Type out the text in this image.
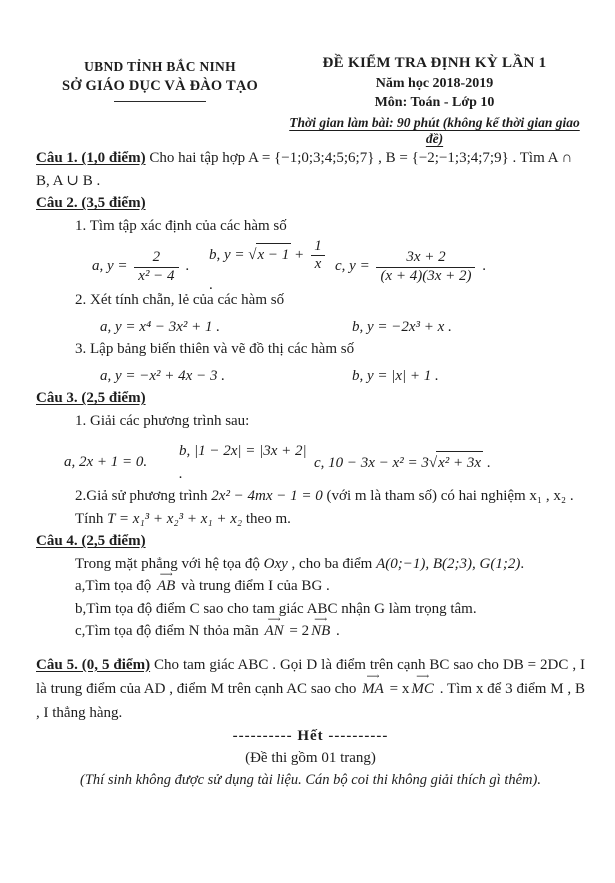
UBND TỈNH BẮC NINH
SỞ GIÁO DỤC VÀ ĐÀO TẠO
ĐỀ KIỂM TRA ĐỊNH KỲ LẦN 1
Năm học 2018-2019
Môn: Toán - Lớp 10
Thời gian làm bài: 90 phút (không kể thời gian giao đề)

Câu 1. (1,0 điểm) Cho hai tập hợp A = {−1;0;3;4;5;6;7} , B = {−2;−1;3;4;7;9} . Tìm A ∩ B, A ∪ B .

Câu 2. (3,5 điểm)

1. Tìm tập xác định của các hàm số

a, $y = \frac{2}{\text{x² − 4}}$ .
b, $y = √x - 1 + \frac{1}{x}$
.
c, $y = \frac{3x + 2}{(x + 4)(3x + 2)}$ .

2. Xét tính chẵn, lẻ của các hàm số

a, y = x⁴ − 3x² + 1 .	b, y = −2x³ + x .

3. Lập bảng biến thiên và vẽ đồ thị các hàm số

a, y = −x² + 4x − 3 .	b, y = |x| + 1 .

Câu 3. (2,5 điểm)

1. Giải các phương trình sau:

a, 2x + 1 = 0.
b, |1 − 2x| = |3x + 2| .
c, 10 − 3x − x² = 3√x² + 3x .

2.Giả sử phương trình 2x² − 4mx − 1 = 0 (với m là tham số) có hai nghiệm x₁ , x₂ .

Tính T = x₁³ + x₂³ + x₁ + x₂ theo m.

Câu 4. (2,5 điểm)

Trong mặt phẳng với hệ tọa độ Oxy , cho ba điểm A(0;−1), B(2;3), G(1;2).

a,Tìm tọa độ AB ⟶ và trung điểm I của BG .

b,Tìm tọa độ điểm C sao cho tam giác ABC nhận G làm trọng tâm.

c,Tìm tọa độ điểm N thỏa mãn AN ⟶ = 2 NB ⟶ .

Câu 5. (0, 5 điểm) Cho tam giác ABC . Gọi D là điểm trên cạnh BC sao cho DB = 2DC , I là trung điểm của AD , điểm M trên cạnh AC sao cho MA ⟶ = x MC ⟶ . Tìm x để 3 điểm M , B , I thẳng hàng.

---------- Hết ----------

(Đề thi gồm 01 trang)

(Thí sinh không được sử dụng tài liệu. Cán bộ coi thi không giải thích gì thêm).
